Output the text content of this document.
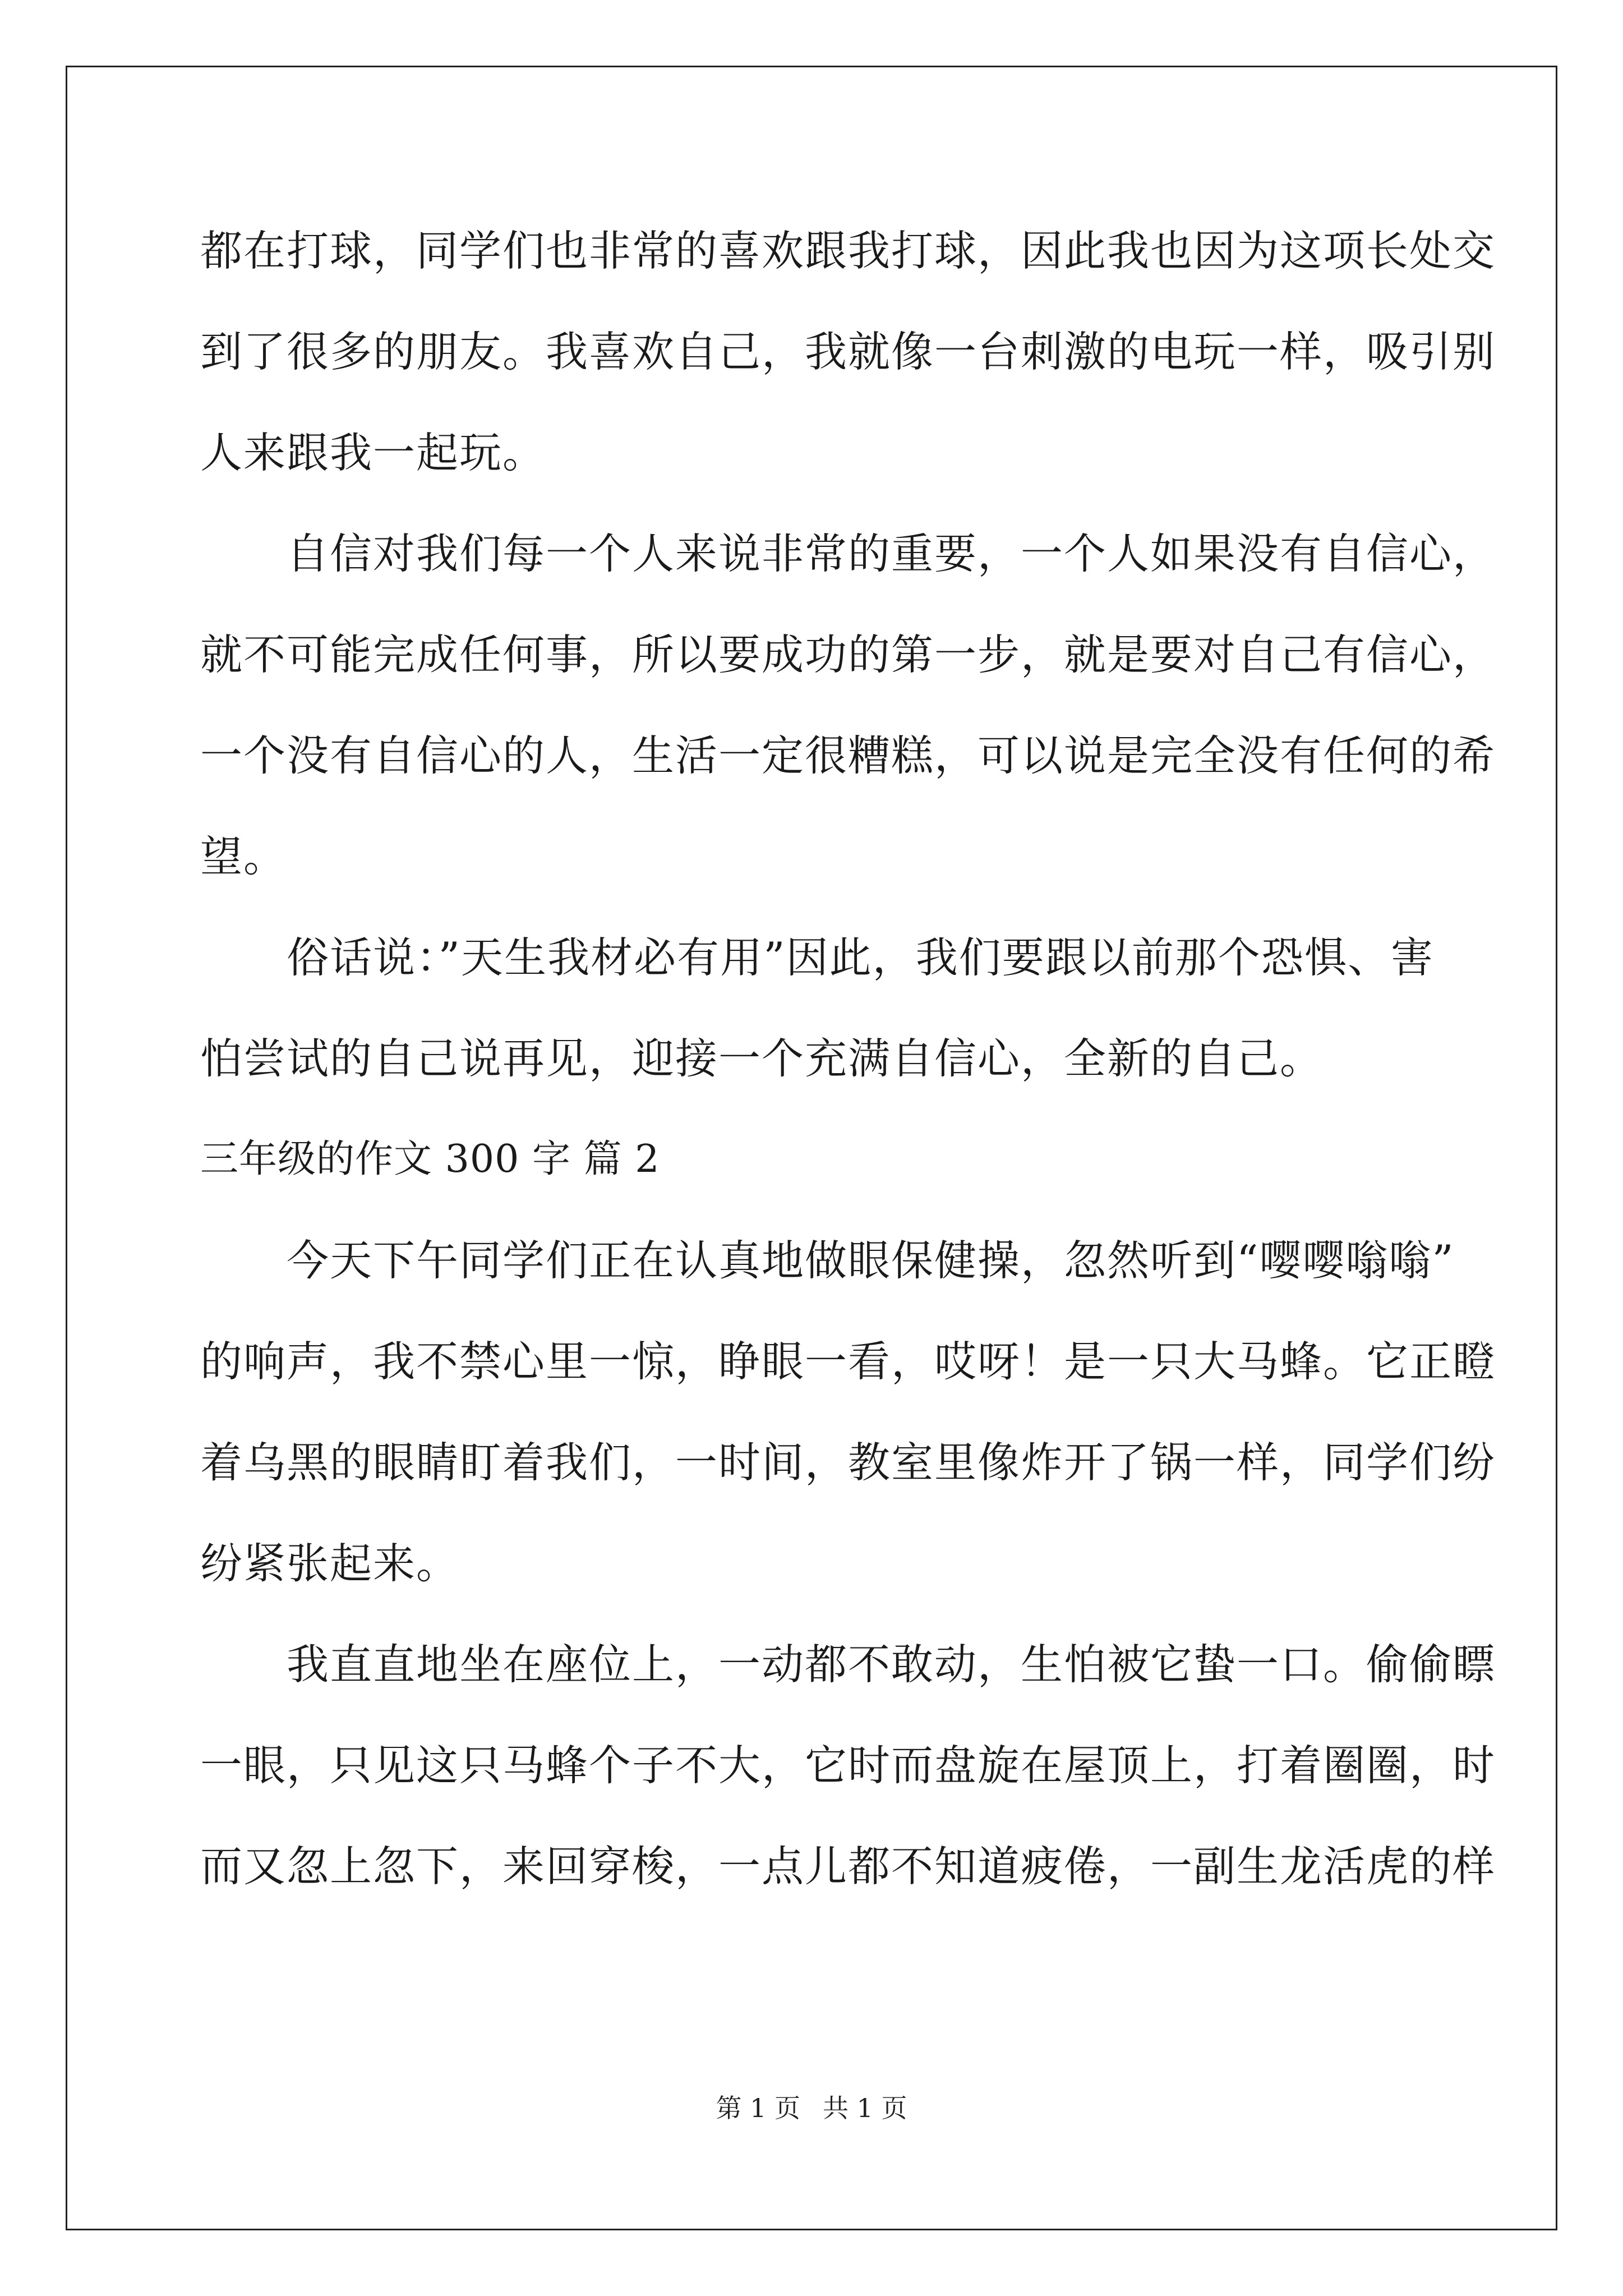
都在打球，同学们也非常的喜欢跟我打球，因此我也因为这项长处交
到了很多的朋友。我喜欢自己，我就像一台刺激的电玩一样，吸引别
人来跟我一起玩。
　　自信对我们每一个人来说非常的重要，一个人如果没有自信心，
就不可能完成任何事，所以要成功的第一步，就是要对自己有信心，
一个没有自信心的人，生活一定很糟糕，可以说是完全没有任何的希
望。
　　俗话说：”天生我材必有用”因此，我们要跟以前那个恐惧、害
怕尝试的自己说再见，迎接一个充满自信心，全新的自己。
三年级的作文 300 字 篇 2
　　今天下午同学们正在认真地做眼保健操，忽然听到“嘤嘤嗡嗡”
的响声，我不禁心里一惊，睁眼一看，哎呀！是一只大马蜂。它正瞪
着乌黑的眼睛盯着我们，一时间，教室里像炸开了锅一样，同学们纷
纷紧张起来。
　　我直直地坐在座位上，一动都不敢动，生怕被它蛰一口。偷偷瞟
一眼，只见这只马蜂个子不大，它时而盘旋在屋顶上，打着圈圈，时
而又忽上忽下，来回穿梭，一点儿都不知道疲倦，一副生龙活虎的样
第 1 页 共 1 页
